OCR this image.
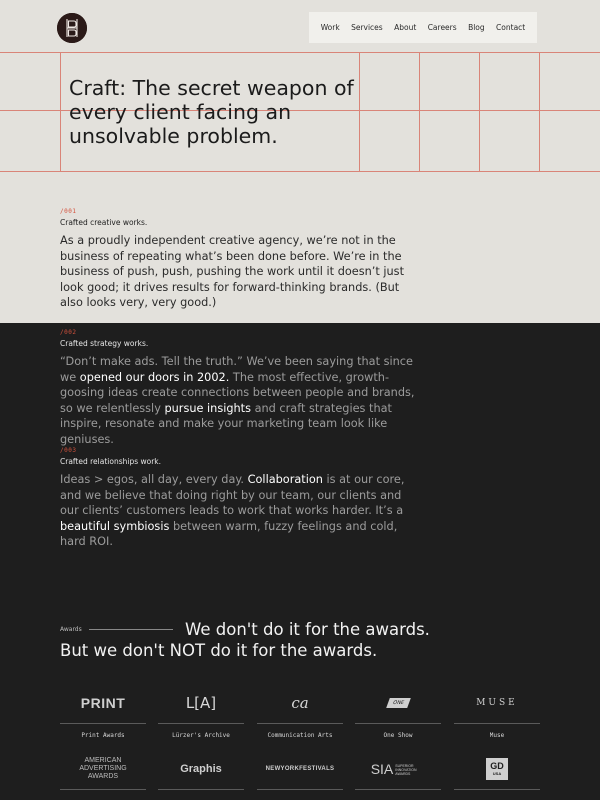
Work Services About Careers Blog Contact
Craft: The secret weapon of every client facing an unsolvable problem.
/001
Crafted creative works.

As a proudly independent creative agency, we’re not in the business of repeating what’s been done before. We’re in the business of push, push, pushing the work until it doesn’t just look good; it drives results for forward-thinking brands. (But also looks very, very good.)

/002
Crafted strategy works.

“Don’t make ads. Tell the truth.” We’ve been saying that since we opened our doors in 2002. The most effective, growth-goosing ideas create connections between people and brands, so we relentlessly pursue insights and craft strategies that inspire, resonate and make your marketing team look like geniuses.

/003
Crafted relationships work.

Ideas > egos, all day, every day. Collaboration is at our core, and we believe that doing right by our team, our clients and our clients’ customers leads to work that works harder. It’s a beautiful symbiosis between warm, fuzzy feelings and cold, hard ROI.

Awards	We don't do it for the awards.
But we don't NOT do it for the awards.
PRINT
Print Awards
L[A]
Lürzer's Archive
ca
Communication Arts
ONE
One Show
MUSE
Muse
AMERICAN
ADVERTISING
AWARDS
Graphis	NEWYORKFESTIVALS	SIA SUPERIOR INNOVATION AWARDS
GD
USA
